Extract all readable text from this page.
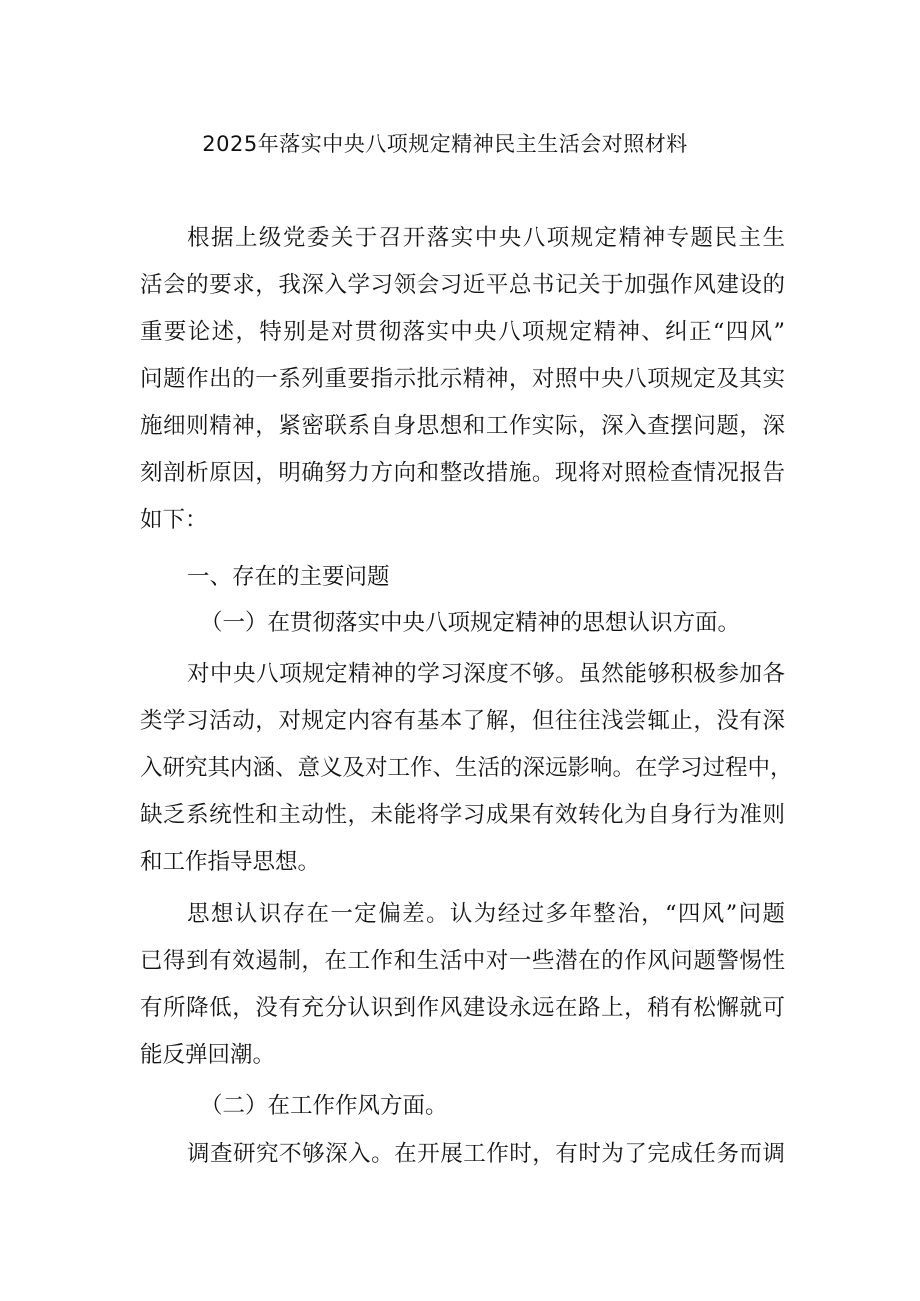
2025年落实中央八项规定精神民主生活会对照材料
根据上级党委关于召开落实中央八项规定精神专题民主生
活会的要求，我深入学习领会习近平总书记关于加强作风建设的
重要论述，特别是对贯彻落实中央八项规定精神、纠正“四风”
问题作出的一系列重要指示批示精神，对照中央八项规定及其实
施细则精神，紧密联系自身思想和工作实际，深入查摆问题，深
刻剖析原因，明确努力方向和整改措施。现将对照检查情况报告
如下：
一、存在的主要问题
（一）在贯彻落实中央八项规定精神的思想认识方面。
对中央八项规定精神的学习深度不够。虽然能够积极参加各
类学习活动，对规定内容有基本了解，但往往浅尝辄止，没有深
入研究其内涵、意义及对工作、生活的深远影响。在学习过程中，
缺乏系统性和主动性，未能将学习成果有效转化为自身行为准则
和工作指导思想。
思想认识存在一定偏差。认为经过多年整治，“四风”问题
已得到有效遏制，在工作和生活中对一些潜在的作风问题警惕性
有所降低，没有充分认识到作风建设永远在路上，稍有松懈就可
能反弹回潮。
（二）在工作作风方面。
调查研究不够深入。在开展工作时，有时为了完成任务而调
